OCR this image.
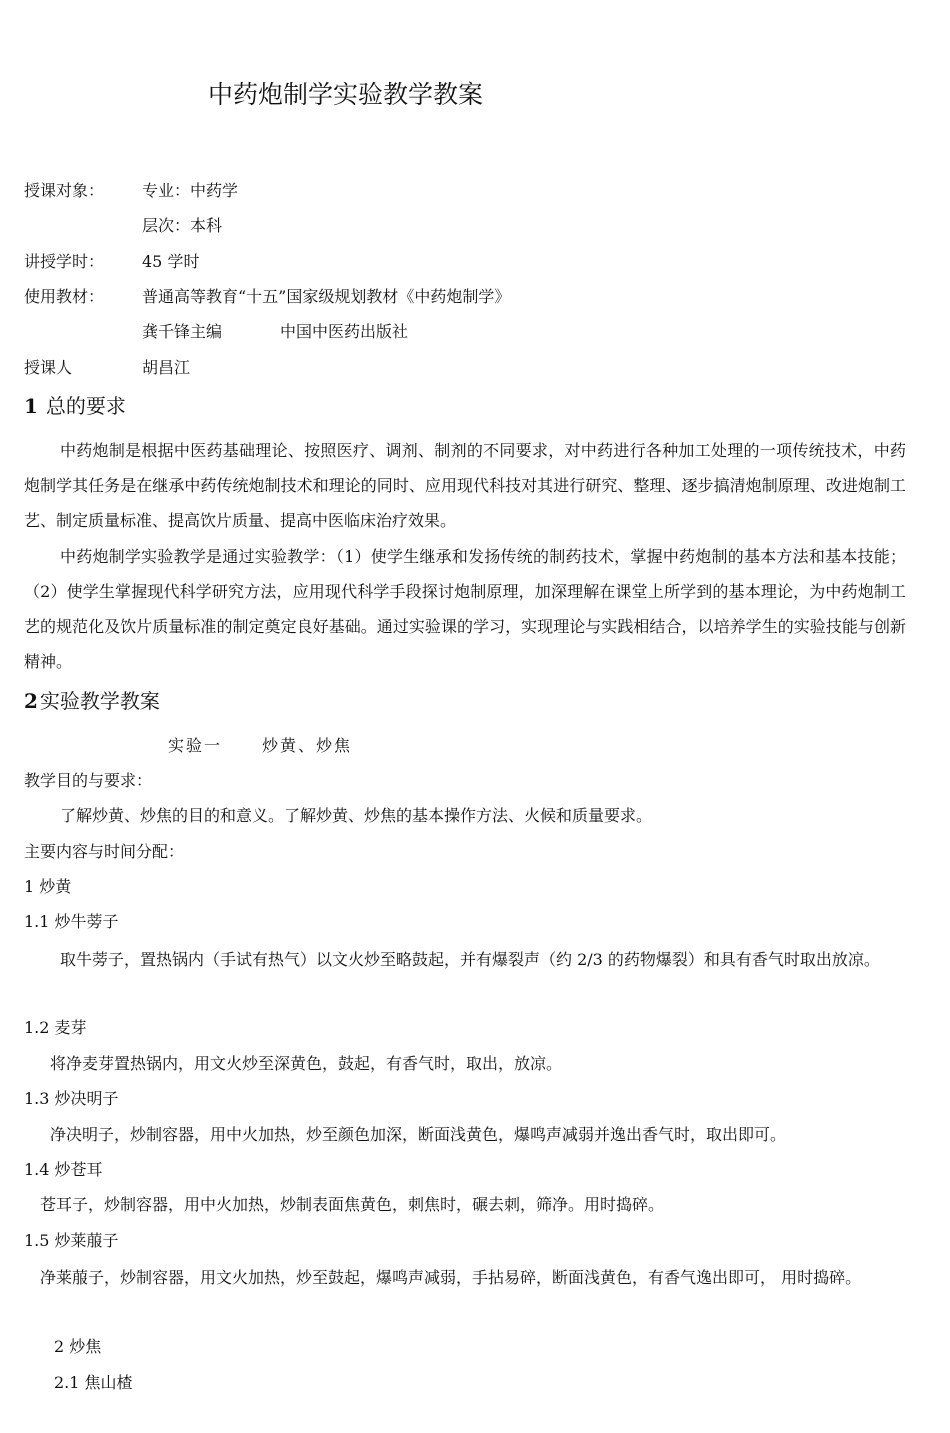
中药炮制学实验教学教案
授课对象： 专业：中药学
层次：本科
讲授学时： 45 学时
使用教材： 普通高等教育“十五”国家级规划教材《中药炮制学》
龚千锋主编	中国中医药出版社
授课人	胡昌江
1 总的要求
中药炮制是根据中医药基础理论、按照医疗、调剂、制剂的不同要求，对中药进行各种加工处理的一项传统技术，中药炮制学其任务是在继承中药传统炮制技术和理论的同时、应用现代科技对其进行研究、整理、逐步搞清炮制原理、改进炮制工艺、制定质量标准、提高饮片质量、提高中医临床治疗效果。
中药炮制学实验教学是通过实验教学：（1）使学生继承和发扬传统的制药技术，掌握中药炮制的基本方法和基本技能；（2）使学生掌握现代科学研究方法，应用现代科学手段探讨炮制原理，加深理解在课堂上所学到的基本理论，为中药炮制工艺的规范化及饮片质量标准的制定奠定良好基础。通过实验课的学习，实现理论与实践相结合，以培养学生的实验技能与创新精神。
2 实验教学教案
实验一	炒黄、炒焦
教学目的与要求：
了解炒黄、炒焦的目的和意义。了解炒黄、炒焦的基本操作方法、火候和质量要求。
主要内容与时间分配：
1 炒黄
1.1 炒牛蒡子
取牛蒡子，置热锅内（手试有热气）以文火炒至略鼓起，并有爆裂声（约 2/3 的药物爆裂）和具有香气时取出放凉。
1.2 麦芽
将净麦芽置热锅内，用文火炒至深黄色，鼓起，有香气时，取出，放凉。
1.3 炒决明子
净决明子，炒制容器，用中火加热，炒至颜色加深，断面浅黄色，爆鸣声减弱并逸出香气时，取出即可。
1.4 炒苍耳
苍耳子，炒制容器，用中火加热，炒制表面焦黄色，刺焦时，碾去刺，筛净。用时捣碎。
1.5 炒莱菔子
净莱菔子，炒制容器，用文火加热，炒至鼓起，爆鸣声减弱，手拈易碎，断面浅黄色，有香气逸出即可， 用时捣碎。
2 炒焦
2.1 焦山楂
